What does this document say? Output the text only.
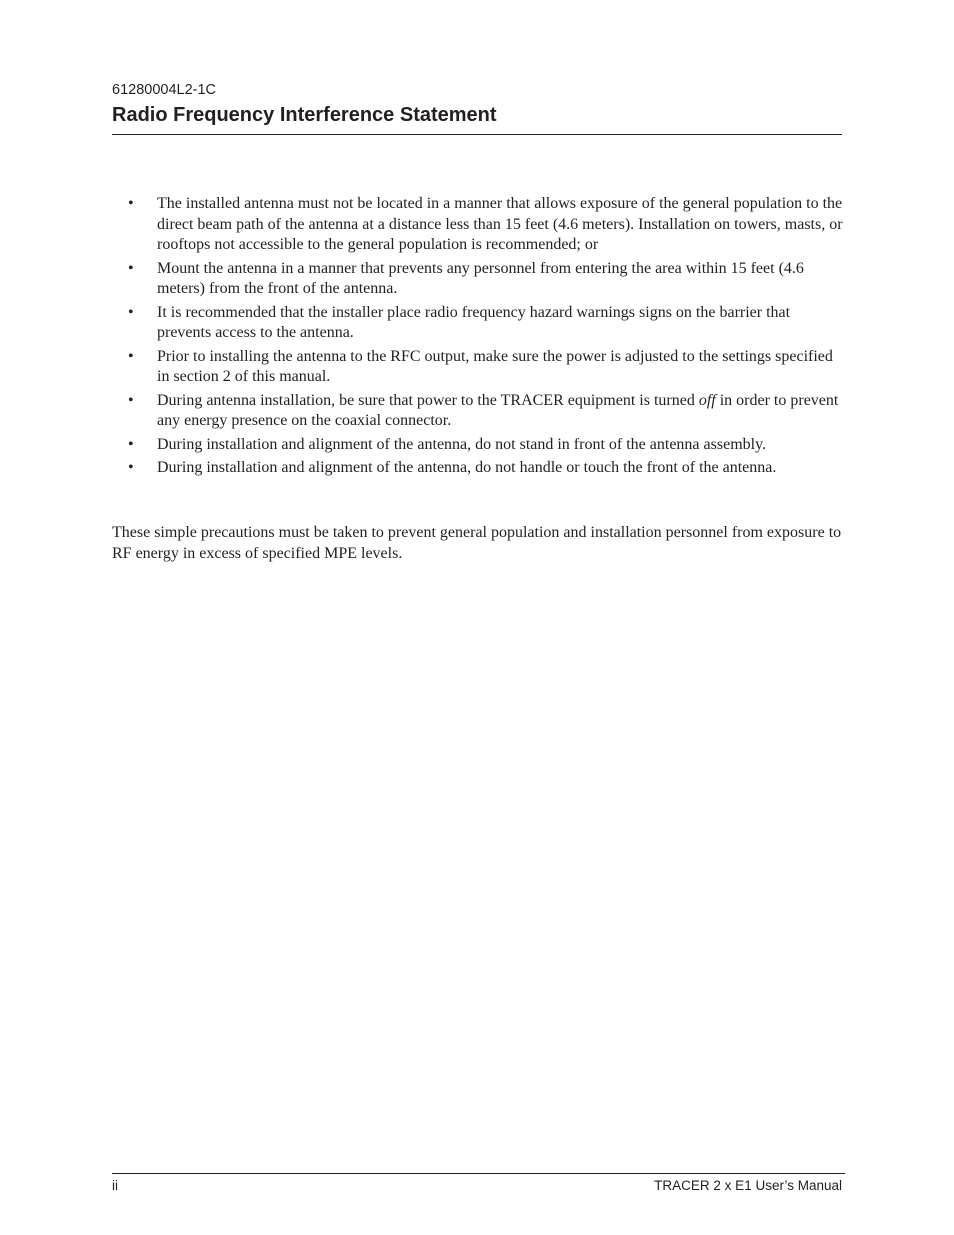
61280004L2-1C
Radio Frequency Interference Statement
• The installed antenna must not be located in a manner that allows exposure of the general population to the direct beam path of the antenna at a distance less than 15 feet (4.6 meters). Installation on towers, masts, or rooftops not accessible to the general population is recommended; or
• Mount the antenna in a manner that prevents any personnel from entering the area within 15 feet (4.6 meters) from the front of the antenna.
• It is recommended that the installer place radio frequency hazard warnings signs on the barrier that prevents access to the antenna.
• Prior to installing the antenna to the RFC output, make sure the power is adjusted to the settings specified in section 2 of this manual.
• During antenna installation, be sure that power to the TRACER equipment is turned off in order to prevent any energy presence on the coaxial connector.
• During installation and alignment of the antenna, do not stand in front of the antenna assembly.
• During installation and alignment of the antenna, do not handle or touch the front of the antenna.

These simple precautions must be taken to prevent general population and installation personnel from exposure to RF energy in excess of specified MPE levels.

ii	TRACER 2 x E1 User’s Manual
